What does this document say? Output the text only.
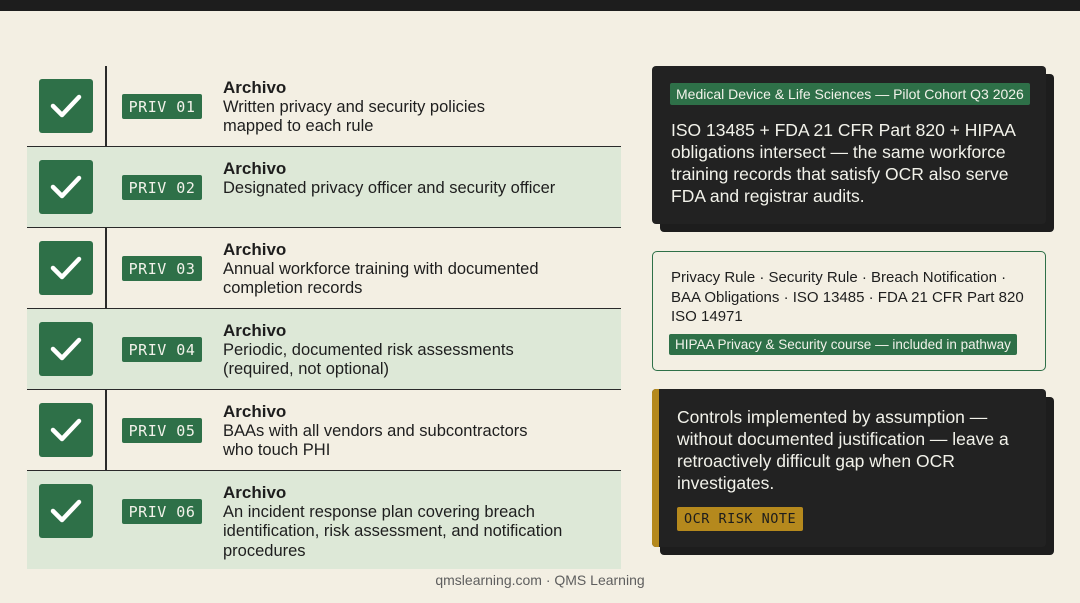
PRIV 01
Archivo
Written privacy and security policies
mapped to each rule
PRIV 02
Archivo
Designated privacy officer and security officer
PRIV 03
Archivo
Annual workforce training with documented
completion records
PRIV 04
Archivo
Periodic, documented risk assessments
(required, not optional)
PRIV 05
Archivo
BAAs with all vendors and subcontractors
who touch PHI
PRIV 06
Archivo
An incident response plan covering breach
identification, risk assessment, and notification
procedures
Medical Device & Life Sciences — Pilot Cohort Q3 2026
ISO 13485 + FDA 21 CFR Part 820 + HIPAA obligations intersect — the same workforce training records that satisfy OCR also serve FDA and registrar audits.
Privacy Rule · Security Rule · Breach Notification · BAA Obligations · ISO 13485 · FDA 21 CFR Part 820 ISO 14971
HIPAA Privacy & Security course — included in pathway
Controls implemented by assumption — without documented justification — leave a retroactively difficult gap when OCR investigates.
OCR RISK NOTE
qmslearning.com · QMS Learning
